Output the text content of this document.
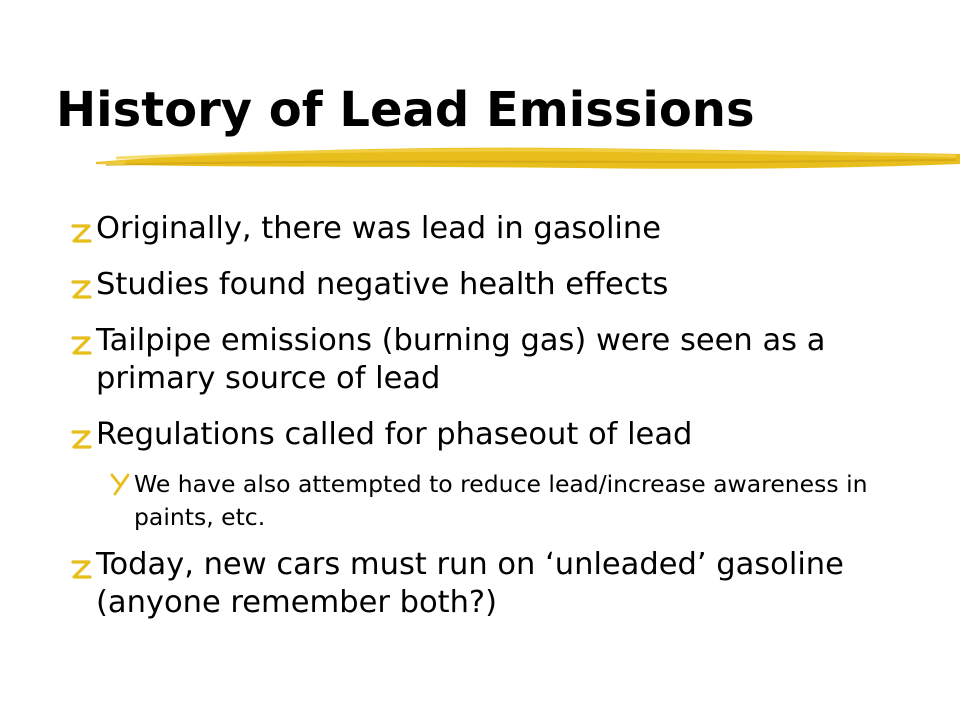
History of Lead Emissions
Originally, there was lead in gasoline
Studies found negative health effects
Tailpipe emissions (burning gas) were seen as a primary source of lead
Regulations called for phaseout of lead
We have also attempted to reduce lead/increase awareness in paints, etc.
Today, new cars must run on ‘unleaded’ gasoline (anyone remember both?)
